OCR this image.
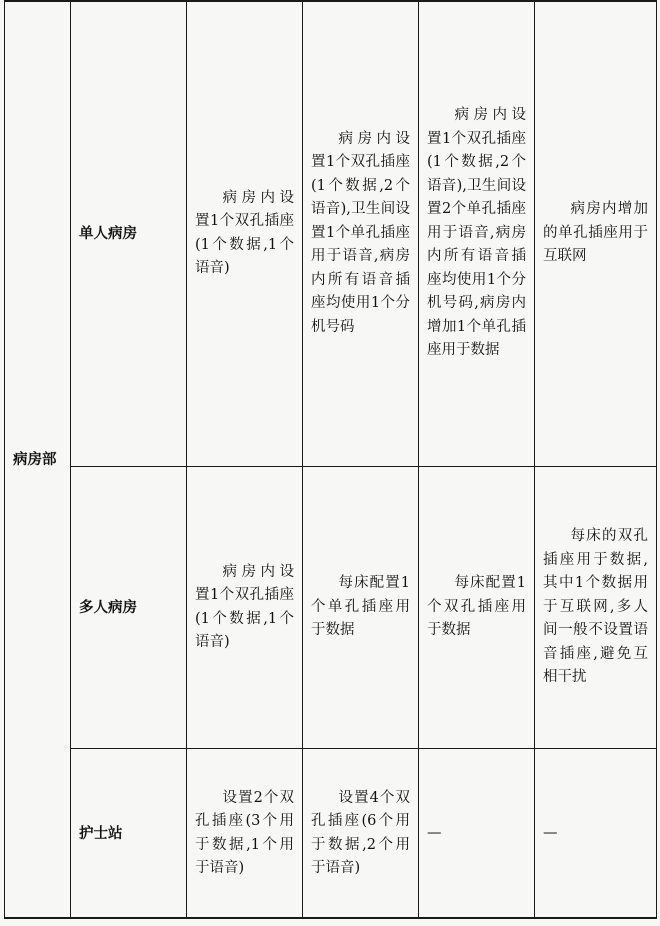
病房部	单人病房	病房内设置1个双孔插座(1个数据,1个语音)	病房内设置1个双孔插座(1个数据,2个语音),卫生间设置1个单孔插座用于语音,病房内所有语音插座均使用1个分机号码	病房内设置1个双孔插座(1个数据,2个语音),卫生间设置2个单孔插座用于语音,病房内所有语音插座均使用1个分机号码,病房内增加1个单孔插座用于数据	病房内增加的单孔插座用于互联网
	多人病房	病房内设置1个双孔插座(1个数据,1个语音)	每床配置1个单孔插座用于数据	每床配置1个双孔插座用于数据	每床的双孔插座用于数据,其中1个数据用于互联网,多人间一般不设置语音插座,避免互相干扰
	护士站	设置2个双孔插座(3个用于数据,1个用于语音)	设置4个双孔插座(6个用于数据,2个用于语音)	—	—
